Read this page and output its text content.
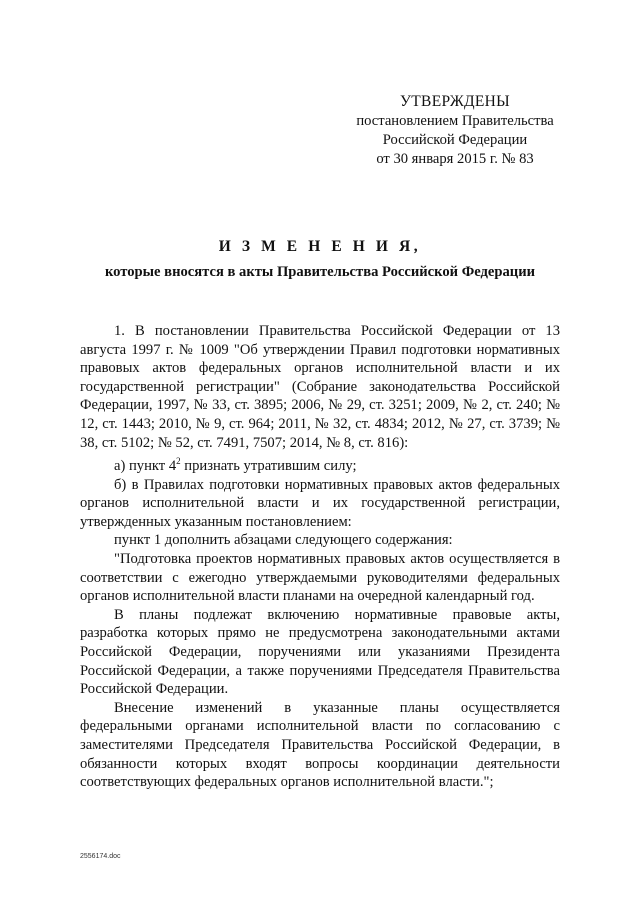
УТВЕРЖДЕНЫ
постановлением Правительства
Российской Федерации
от 30 января 2015 г. № 83
И З М Е Н Е Н И Я,
которые вносятся в акты Правительства Российской Федерации

1. В постановлении Правительства Российской Федерации от 13 августа 1997 г. № 1009 "Об утверждении Правил подготовки нормативных правовых актов федеральных органов исполнительной власти и их государственной регистрации" (Собрание законодательства Российской Федерации, 1997, № 33, ст. 3895; 2006, № 29, ст. 3251; 2009, № 2, ст. 240; № 12, ст. 1443; 2010, № 9, ст. 964; 2011, № 32, ст. 4834; 2012, № 27, ст. 3739; № 38, ст. 5102; № 52, ст. 7491, 7507; 2014, № 8, ст. 816):

а) пункт $4^2$ признать утратившим силу;

б) в Правилах подготовки нормативных правовых актов федеральных органов исполнительной власти и их государственной регистрации, утвержденных указанным постановлением:

пункт 1 дополнить абзацами следующего содержания:

"Подготовка проектов нормативных правовых актов осуществляется в соответствии с ежегодно утверждаемыми руководителями федеральных органов исполнительной власти планами на очередной календарный год.

В планы подлежат включению нормативные правовые акты, разработка которых прямо не предусмотрена законодательными актами Российской Федерации, поручениями или указаниями Президента Российской Федерации, а также поручениями Председателя Правительства Российской Федерации.

Внесение изменений в указанные планы осуществляется федеральными органами исполнительной власти по согласованию с заместителями Председателя Правительства Российской Федерации, в обязанности которых входят вопросы координации деятельности соответствующих федеральных органов исполнительной власти.";

2556174.doc
